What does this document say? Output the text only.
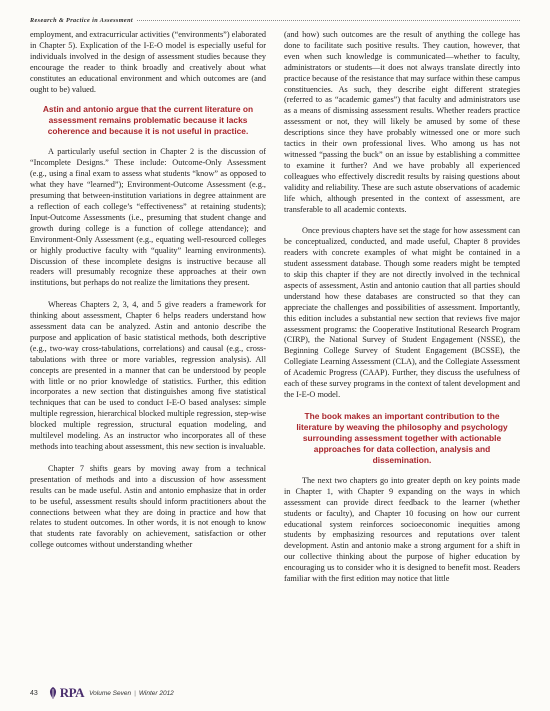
Research & Practice in Assessment

employment, and extracurricular activities (“environments”) elaborated in Chapter 5). Explication of the I-E-O model is especially useful for individuals involved in the design of assessment studies because they encourage the reader to think broadly and creatively about what constitutes an educational environment and which outcomes are (and ought to be) valued.

Astin and antonio argue that the current literature on assessment remains problematic because it lacks coherence and because it is not useful in practice.

A particularly useful section in Chapter 2 is the discussion of “Incomplete Designs.” These include: Outcome-Only Assessment (e.g., using a final exam to assess what students “know” as opposed to what they have “learned”); Environment-Outcome Assessment (e.g., presuming that between-institution variations in degree attainment are a reflection of each college’s “effectiveness” at retaining students); Input-Outcome Assessments (i.e., presuming that student change and growth during college is a function of college attendance); and Environment-Only Assessment (e.g., equating well-resourced colleges or highly productive faculty with “quality” learning environments). Discussion of these incomplete designs is instructive because all readers will presumably recognize these approaches at their own institutions, but perhaps do not realize the limitations they present.

Whereas Chapters 2, 3, 4, and 5 give readers a framework for thinking about assessment, Chapter 6 helps readers understand how assessment data can be analyzed. Astin and antonio describe the purpose and application of basic statistical methods, both descriptive (e.g., two-way cross-tabulations, correlations) and causal (e.g., cross-tabulations with three or more variables, regression analysis). All concepts are presented in a manner that can be understood by people with little or no prior knowledge of statistics. Further, this edition incorporates a new section that distinguishes among five statistical techniques that can be used to conduct I-E-O based analyses: simple multiple regression, hierarchical blocked multiple regression, step-wise blocked multiple regression, structural equation modeling, and multilevel modeling. As an instructor who incorporates all of these methods into teaching about assessment, this new section is invaluable.

Chapter 7 shifts gears by moving away from a technical presentation of methods and into a discussion of how assessment results can be made useful. Astin and antonio emphasize that in order to be useful, assessment results should inform practitioners about the connections between what they are doing in practice and how that relates to student outcomes. In other words, it is not enough to know that students rate favorably on achievement, satisfaction or other college outcomes without understanding whether

(and how) such outcomes are the result of anything the college has done to facilitate such positive results. They caution, however, that even when such knowledge is communicated—whether to faculty, administrators or students—it does not always translate directly into practice because of the resistance that may surface within these campus constituencies. As such, they describe eight different strategies (referred to as “academic games”) that faculty and administrators use as a means of dismissing assessment results. Whether readers practice assessment or not, they will likely be amused by some of these descriptions since they have probably witnessed one or more such tactics in their own professional lives. Who among us has not witnessed “passing the buck” on an issue by establishing a committee to examine it further? And we have probably all experienced colleagues who effectively discredit results by raising questions about validity and reliability. These are such astute observations of academic life which, although presented in the context of assessment, are transferable to all academic contexts.

Once previous chapters have set the stage for how assessment can be conceptualized, conducted, and made useful, Chapter 8 provides readers with concrete examples of what might be contained in a student assessment database. Though some readers might be tempted to skip this chapter if they are not directly involved in the technical aspects of assessment, Astin and antonio caution that all parties should understand how these databases are constructed so that they can appreciate the challenges and possibilities of assessment. Importantly, this edition includes a substantial new section that reviews five major assessment programs: the Cooperative Institutional Research Program (CIRP), the National Survey of Student Engagement (NSSE), the Beginning College Survey of Student Engagement (BCSSE), the Collegiate Learning Assessment (CLA), and the Collegiate Assessment of Academic Progress (CAAP). Further, they discuss the usefulness of each of these survey programs in the context of talent development and the I-E-O model.

The book makes an important contribution to the literature by weaving the philosophy and psychology surrounding assessment together with actionable approaches for data collection, analysis and dissemination.

The next two chapters go into greater depth on key points made in Chapter 1, with Chapter 9 expanding on the ways in which assessment can provide direct feedback to the learner (whether students or faculty), and Chapter 10 focusing on how our current educational system reinforces socioeconomic inequities among students by emphasizing resources and reputations over talent development. Astin and antonio make a strong argument for a shift in our collective thinking about the purpose of higher education by encouraging us to consider who it is designed to benefit most. Readers familiar with the first edition may notice that little

43 RPA Volume Seven | Winter 2012
